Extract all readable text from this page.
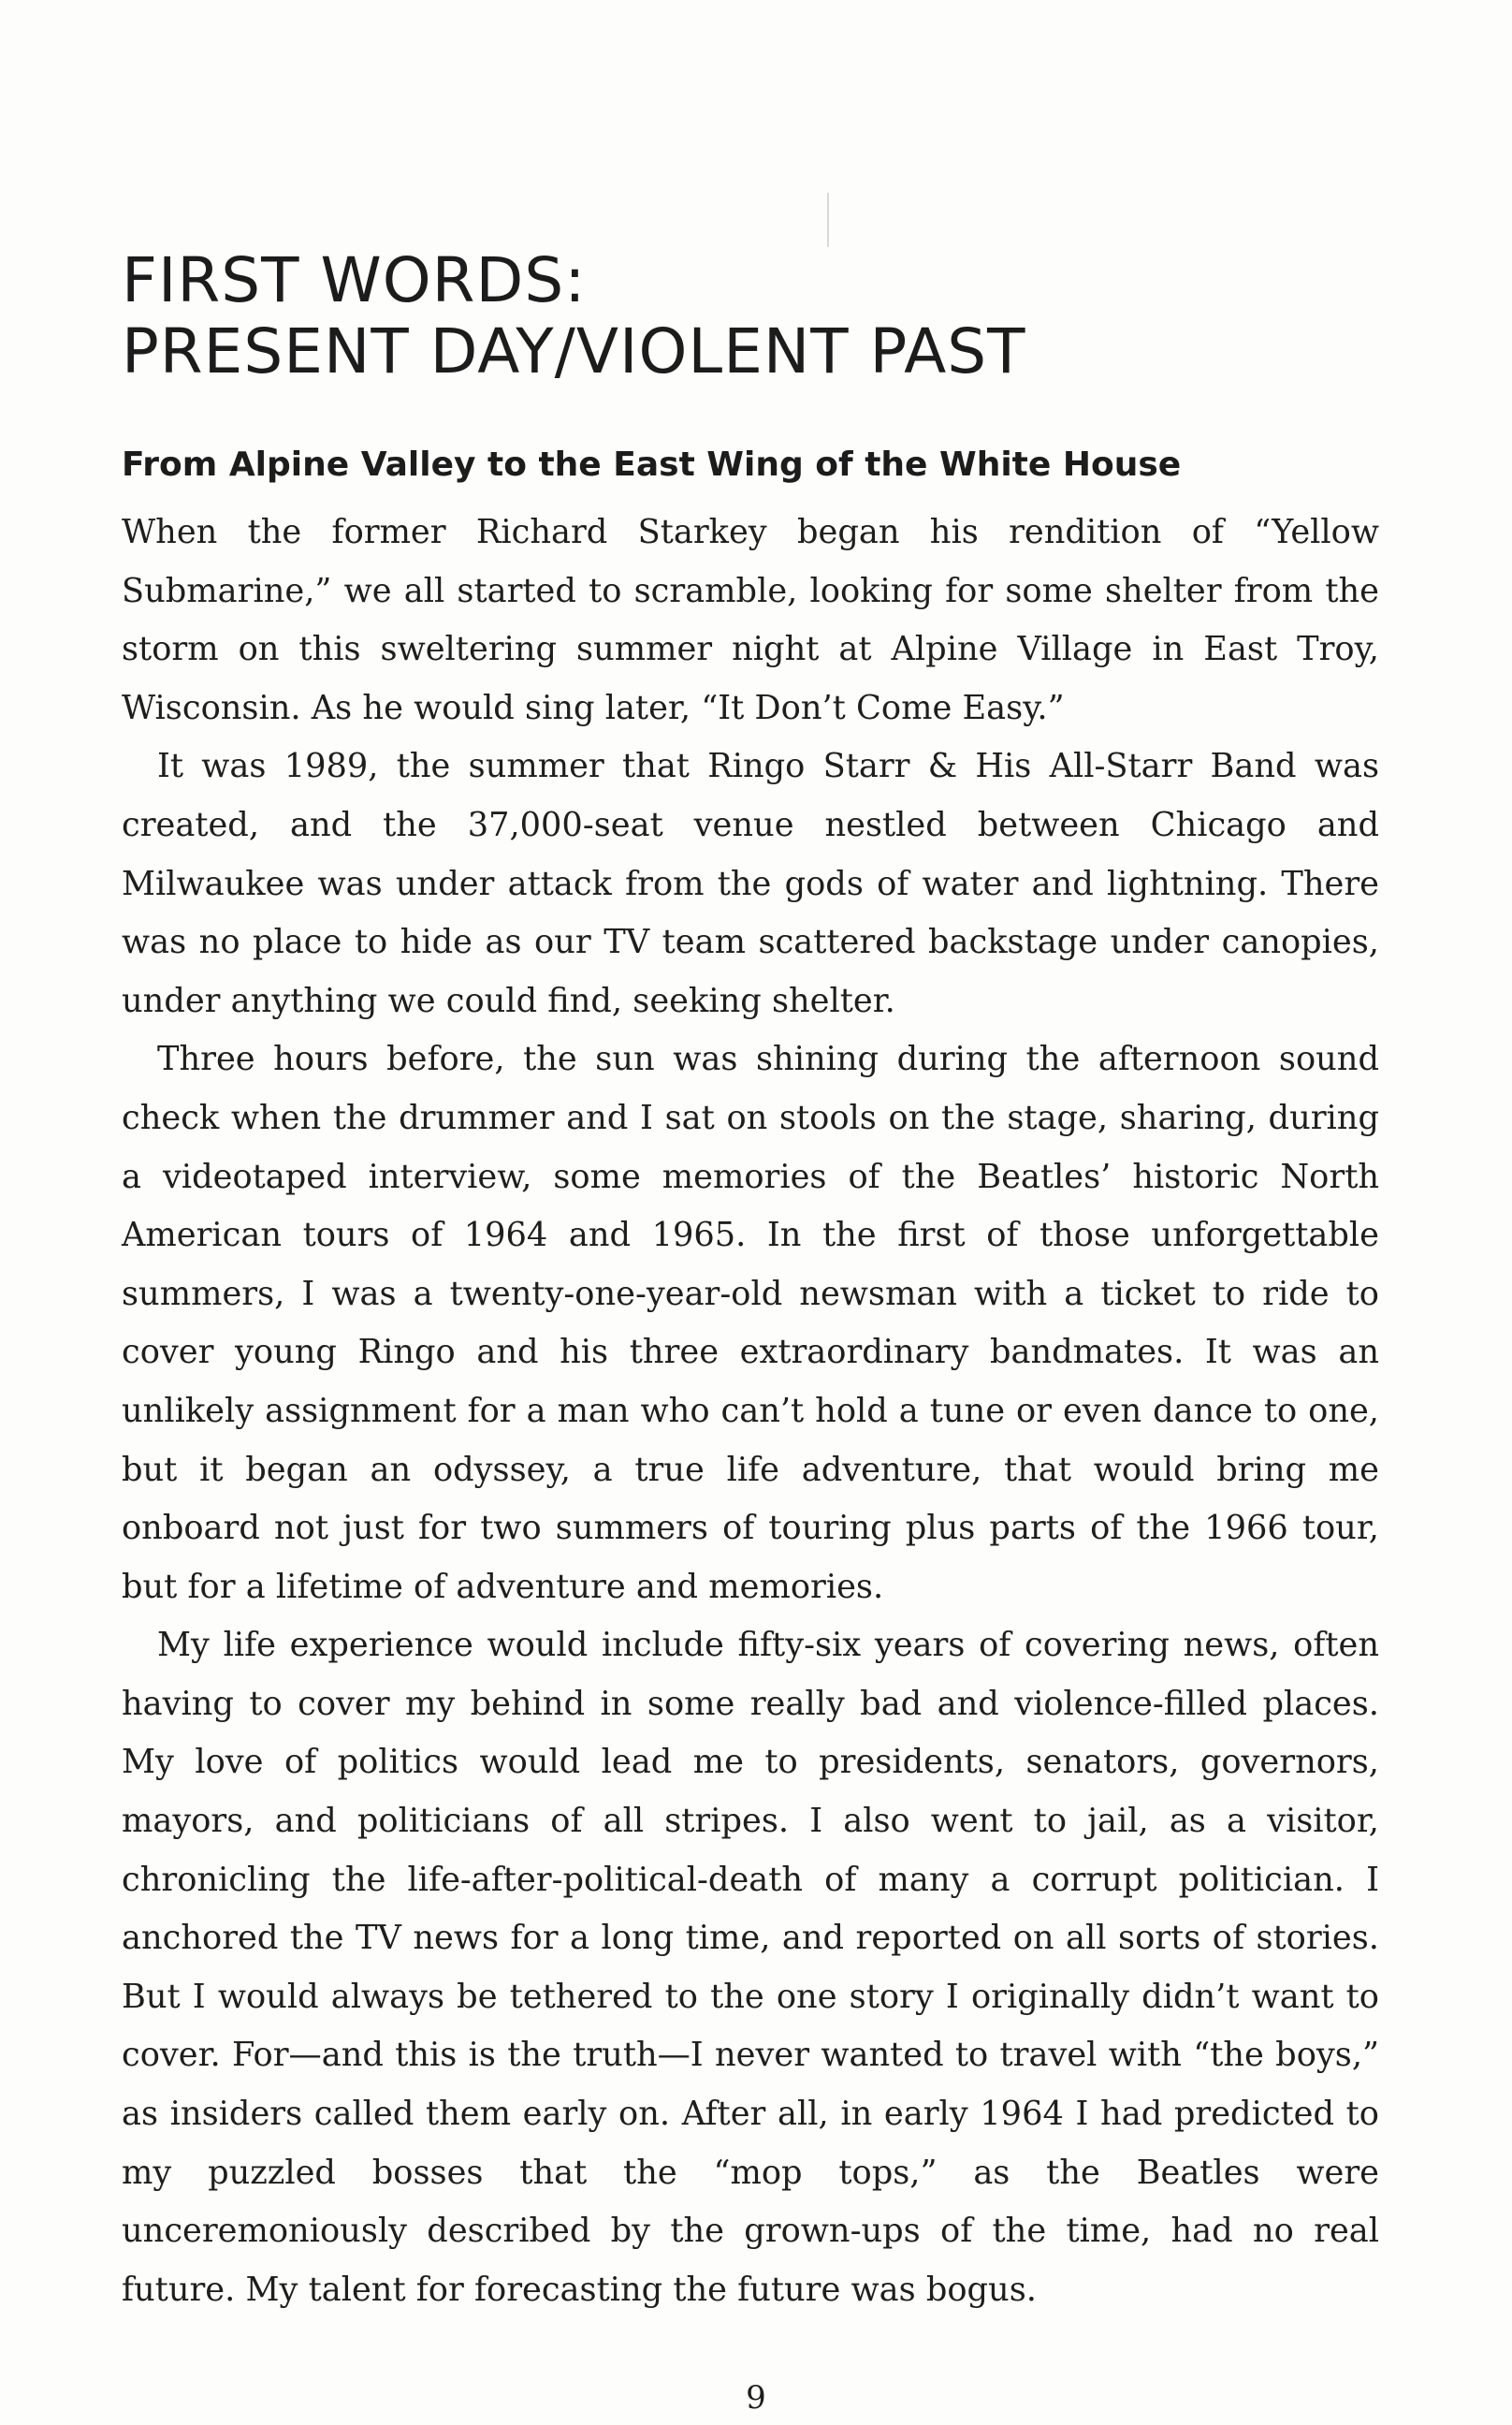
FIRST WORDS:
PRESENT DAY/VIOLENT PAST
From Alpine Valley to the East Wing of the White House

When the former Richard Starkey began his rendition of “Yellow Submarine,” we all started to scramble, looking for some shelter from the storm on this sweltering summer night at Alpine Village in East Troy, Wisconsin. As he would sing later, “It Don’t Come Easy.”

It was 1989, the summer that Ringo Starr & His All-Starr Band was created, and the 37,000-seat venue nestled between Chicago and Milwaukee was under attack from the gods of water and lightning. There was no place to hide as our TV team scattered backstage under canopies, under anything we could find, seeking shelter.

Three hours before, the sun was shining during the afternoon sound check when the drummer and I sat on stools on the stage, sharing, during a videotaped interview, some memories of the Beatles’ historic North American tours of 1964 and 1965. In the first of those unforgettable summers, I was a twenty-one-year-old newsman with a ticket to ride to cover young Ringo and his three extraordinary bandmates. It was an unlikely assignment for a man who can’t hold a tune or even dance to one, but it began an odyssey, a true life adventure, that would bring me onboard not just for two summers of touring plus parts of the 1966 tour, but for a lifetime of adventure and memories.

My life experience would include fifty-six years of covering news, often having to cover my behind in some really bad and violence-filled places. My love of politics would lead me to presidents, senators, governors, mayors, and politicians of all stripes. I also went to jail, as a visitor, chronicling the life-after-political-death of many a corrupt politician. I anchored the TV news for a long time, and reported on all sorts of stories. But I would always be tethered to the one story I originally didn’t want to cover. For—and this is the truth—I never wanted to travel with “the boys,” as insiders called them early on. After all, in early 1964 I had predicted to my puzzled bosses that the “mop tops,” as the Beatles were unceremoniously described by the grown-ups of the time, had no real future. My talent for forecasting the future was bogus.

9
